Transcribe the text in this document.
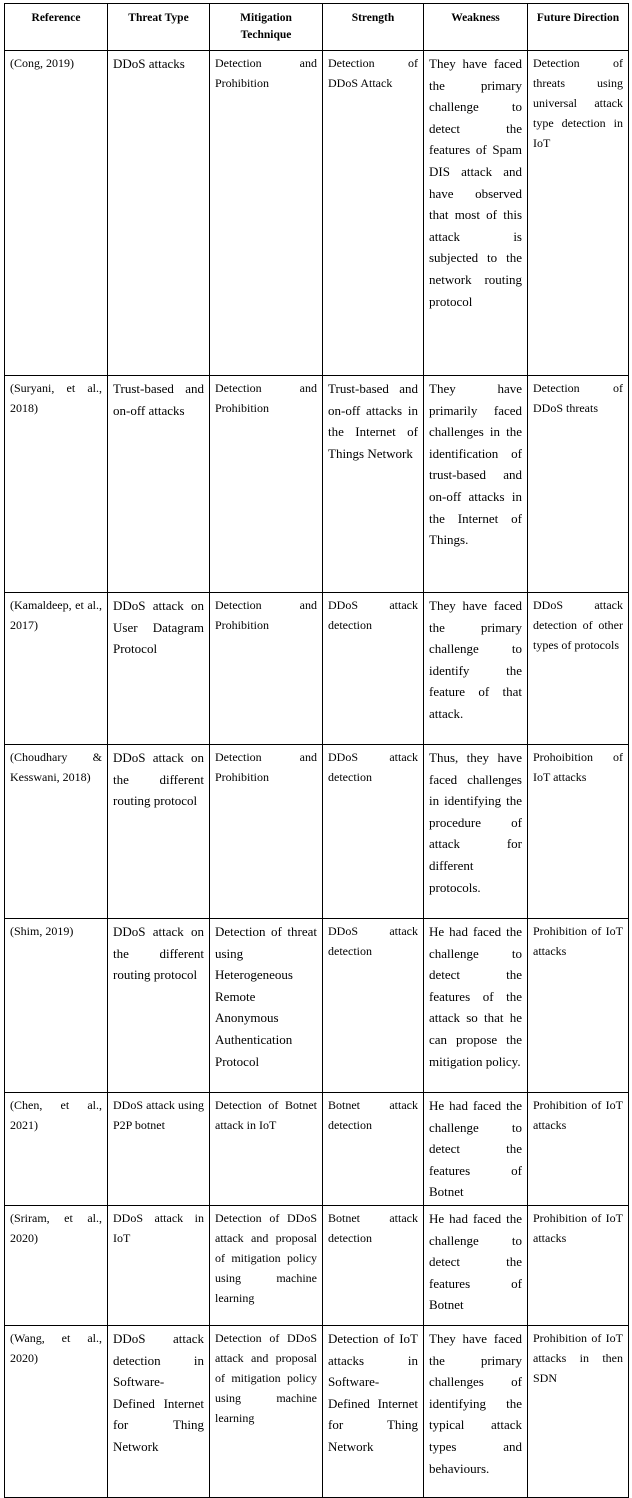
Reference	Threat Type	Mitigation Technique	Strength	Weakness	Future Direction
(Cong, 2019)	DDoS attacks	Detection and Prohibition	Detection of DDoS Attack	They have faced the primary challenge to detect the features of Spam DIS attack and have observed that most of this attack is subjected to the network routing protocol	Detection of threats using universal attack type detection in IoT
(Suryani, et al., 2018)	Trust-based and on-off attacks	Detection and Prohibition	Trust-based and on-off attacks in the Internet of Things Network	They have primarily faced challenges in the identification of trust-based and on-off attacks in the Internet of Things.	Detection of DDoS threats
(Kamaldeep, et al., 2017)	DDoS attack on User Datagram Protocol	Detection and Prohibition	DDoS attack detection	They have faced the primary challenge to identify the feature of that attack.	DDoS attack detection of other types of protocols
(Choudhary & Kesswani, 2018)	DDoS attack on the different routing protocol	Detection and Prohibition	DDoS attack detection	Thus, they have faced challenges in identifying the procedure of attack for different protocols.	Prohoibition of IoT attacks
(Shim, 2019)	DDoS attack on the different routing protocol	Detection of threat using Heterogeneous Remote Anonymous Authentication Protocol	DDoS attack detection	He had faced the challenge to detect the features of the attack so that he can propose the mitigation policy.	Prohibition of IoT attacks
(Chen, et al., 2021)	DDoS attack using P2P botnet	Detection of Botnet attack in IoT	Botnet attack detection	He had faced the challenge to detect the features of Botnet	Prohibition of IoT attacks
(Sriram, et al., 2020)	DDoS attack in IoT	Detection of DDoS attack and proposal of mitigation policy using machine learning	Botnet attack detection	He had faced the challenge to detect the features of Botnet	Prohibition of IoT attacks
(Wang, et al., 2020)	DDoS attack detection in Software-Defined Internet for Thing Network	Detection of DDoS attack and proposal of mitigation policy using machine learning	Detection of IoT attacks in Software-Defined Internet for Thing Network	They have faced the primary challenges of identifying the typical attack types and behaviours.	Prohibition of IoT attacks in then SDN
